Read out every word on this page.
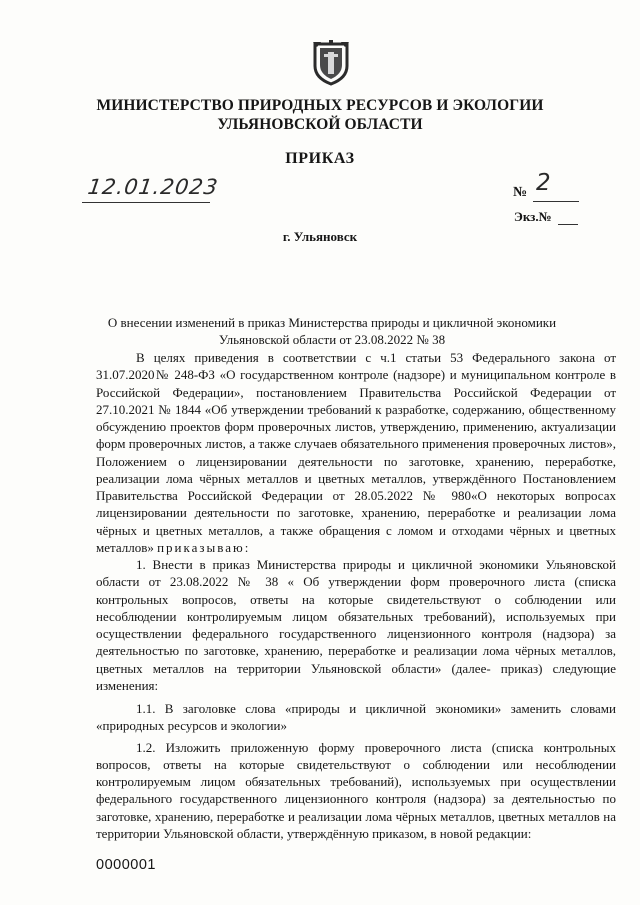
МИНИСТЕРСТВО ПРИРОДНЫХ РЕСУРСОВ И ЭКОЛОГИИ
УЛЬЯНОВСКОЙ ОБЛАСТИ
ПРИКАЗ
12.01.2023	№ 2
Экз.№
г. Ульяновск
О внесении изменений в приказ Министерства природы и цикличной экономики
Ульяновской области от 23.08.2022 № 38

В целях приведения в соответствии с ч.1 статьи 53 Федерального закона от 31.07.2020№ 248-ФЗ «О государственном контроле (надзоре) и муниципальном контроле в Российской Федерации», постановлением Правительства Российской Федерации от 27.10.2021 № 1844 «Об утверждении требований к разработке, содержанию, общественному обсуждению проектов форм проверочных листов, утверждению, применению, актуализации форм проверочных листов, а также случаев обязательного применения проверочных листов», Положением о лицензировании деятельности по заготовке, хранению, переработке, реализации лома чёрных металлов и цветных металлов, утверждённого Постановлением Правительства Российской Федерации от 28.05.2022 № 980«О некоторых вопросах лицензировании деятельности по заготовке, хранению, переработке и реализации лома чёрных и цветных металлов, а также обращения с ломом и отходами чёрных и цветных металлов» приказываю:

1. Внести в приказ Министерства природы и цикличной экономики Ульяновской области от 23.08.2022 № 38 « Об утверждении форм проверочного листа (списка контрольных вопросов, ответы на которые свидетельствуют о соблюдении или несоблюдении контролируемым лицом обязательных требований), используемых при осуществлении федерального государственного лицензионного контроля (надзора) за деятельностью по заготовке, хранению, переработке и реализации лома чёрных металлов, цветных металлов на территории Ульяновской области» (далее- приказ) следующие изменения:

1.1. В заголовке слова «природы и цикличной экономики» заменить словами «природных ресурсов и экологии»

1.2. Изложить приложенную форму проверочного листа (списка контрольных вопросов, ответы на которые свидетельствуют о соблюдении или несоблюдении контролируемым лицом обязательных требований), используемых при осуществлении федерального государственного лицензионного контроля (надзора) за деятельностью по заготовке, хранению, переработке и реализации лома чёрных металлов, цветных металлов на территории Ульяновской области, утверждённую приказом, в новой редакции:

0000001
